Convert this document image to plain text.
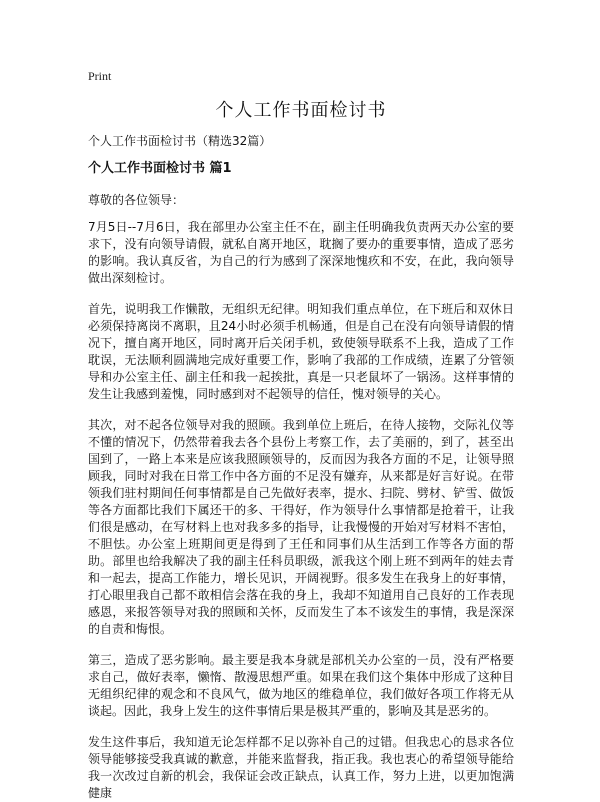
Print
个人工作书面检讨书
个人工作书面检讨书（精选32篇）
个人工作书面检讨书 篇1

尊敬的各位领导：

7月5日--7月6日，我在部里办公室主任不在，副主任明确我负责两天办公室的要求下，没有向领导请假，就私自离开地区，耽搁了要办的重要事情，造成了恶劣的影响。我认真反省，为自己的行为感到了深深地愧疚和不安，在此，我向领导做出深刻检讨。

首先，说明我工作懒散，无组织无纪律。明知我们重点单位，在下班后和双休日必须保持离岗不离职，且24小时必须手机畅通，但是自己在没有向领导请假的情况下，擅自离开地区，同时离开后关闭手机，致使领导联系不上我，造成了工作耽误，无法顺利圆满地完成好重要工作，影响了我部的工作成绩，连累了分管领导和办公室主任、副主任和我一起挨批，真是一只老鼠坏了一锅汤。这样事情的发生让我感到羞愧，同时感到对不起领导的信任，愧对领导的关心。

其次，对不起各位领导对我的照顾。我到单位上班后，在待人接物，交际礼仪等不懂的情况下，仍然带着我去各个县份上考察工作，去了美丽的，到了，甚至出国到了，一路上本来是应该我照顾领导的，反而因为我各方面的不足，让领导照顾我，同时对我在日常工作中各方面的不足没有嫌弃，从来都是好言好说。在带领我们驻村期间任何事情都是自己先做好表率，提水、扫院、劈材、铲雪、做饭等各方面都比我们下属还干的多、干得好，作为领导什么事情都是抢着干，让我们很是感动，在写材料上也对我多多的指导，让我慢慢的开始对写材料不害怕，不胆怯。办公室上班期间更是得到了王任和同事们从生活到工作等各方面的帮助。部里也给我解决了我的副主任科员职级，派我这个刚上班不到两年的娃去青和一起去，提高工作能力，增长见识，开阔视野。很多发生在我身上的好事情，打心眼里我自己都不敢相信会落在我的身上，我却不知道用自己良好的工作表现感恩，来报答领导对我的照顾和关怀，反而发生了本不该发生的事情，我是深深的自责和悔恨。

第三，造成了恶劣影响。最主要是我本身就是部机关办公室的一员，没有严格要求自己，做好表率，懒惰、散漫思想严重。如果在我们这个集体中形成了这种目无组织纪律的观念和不良风气，做为地区的维稳单位，我们做好各项工作将无从谈起。因此，我身上发生的这件事情后果是极其严重的，影响及其是恶劣的。

发生这件事后，我知道无论怎样都不足以弥补自己的过错。但我忠心的恳求各位领导能够接受我真诚的歉意，并能来监督我，指正我。我也衷心的希望领导能给我一次改过自新的机会，我保证会改正缺点，认真工作，努力上进，以更加饱满健康
